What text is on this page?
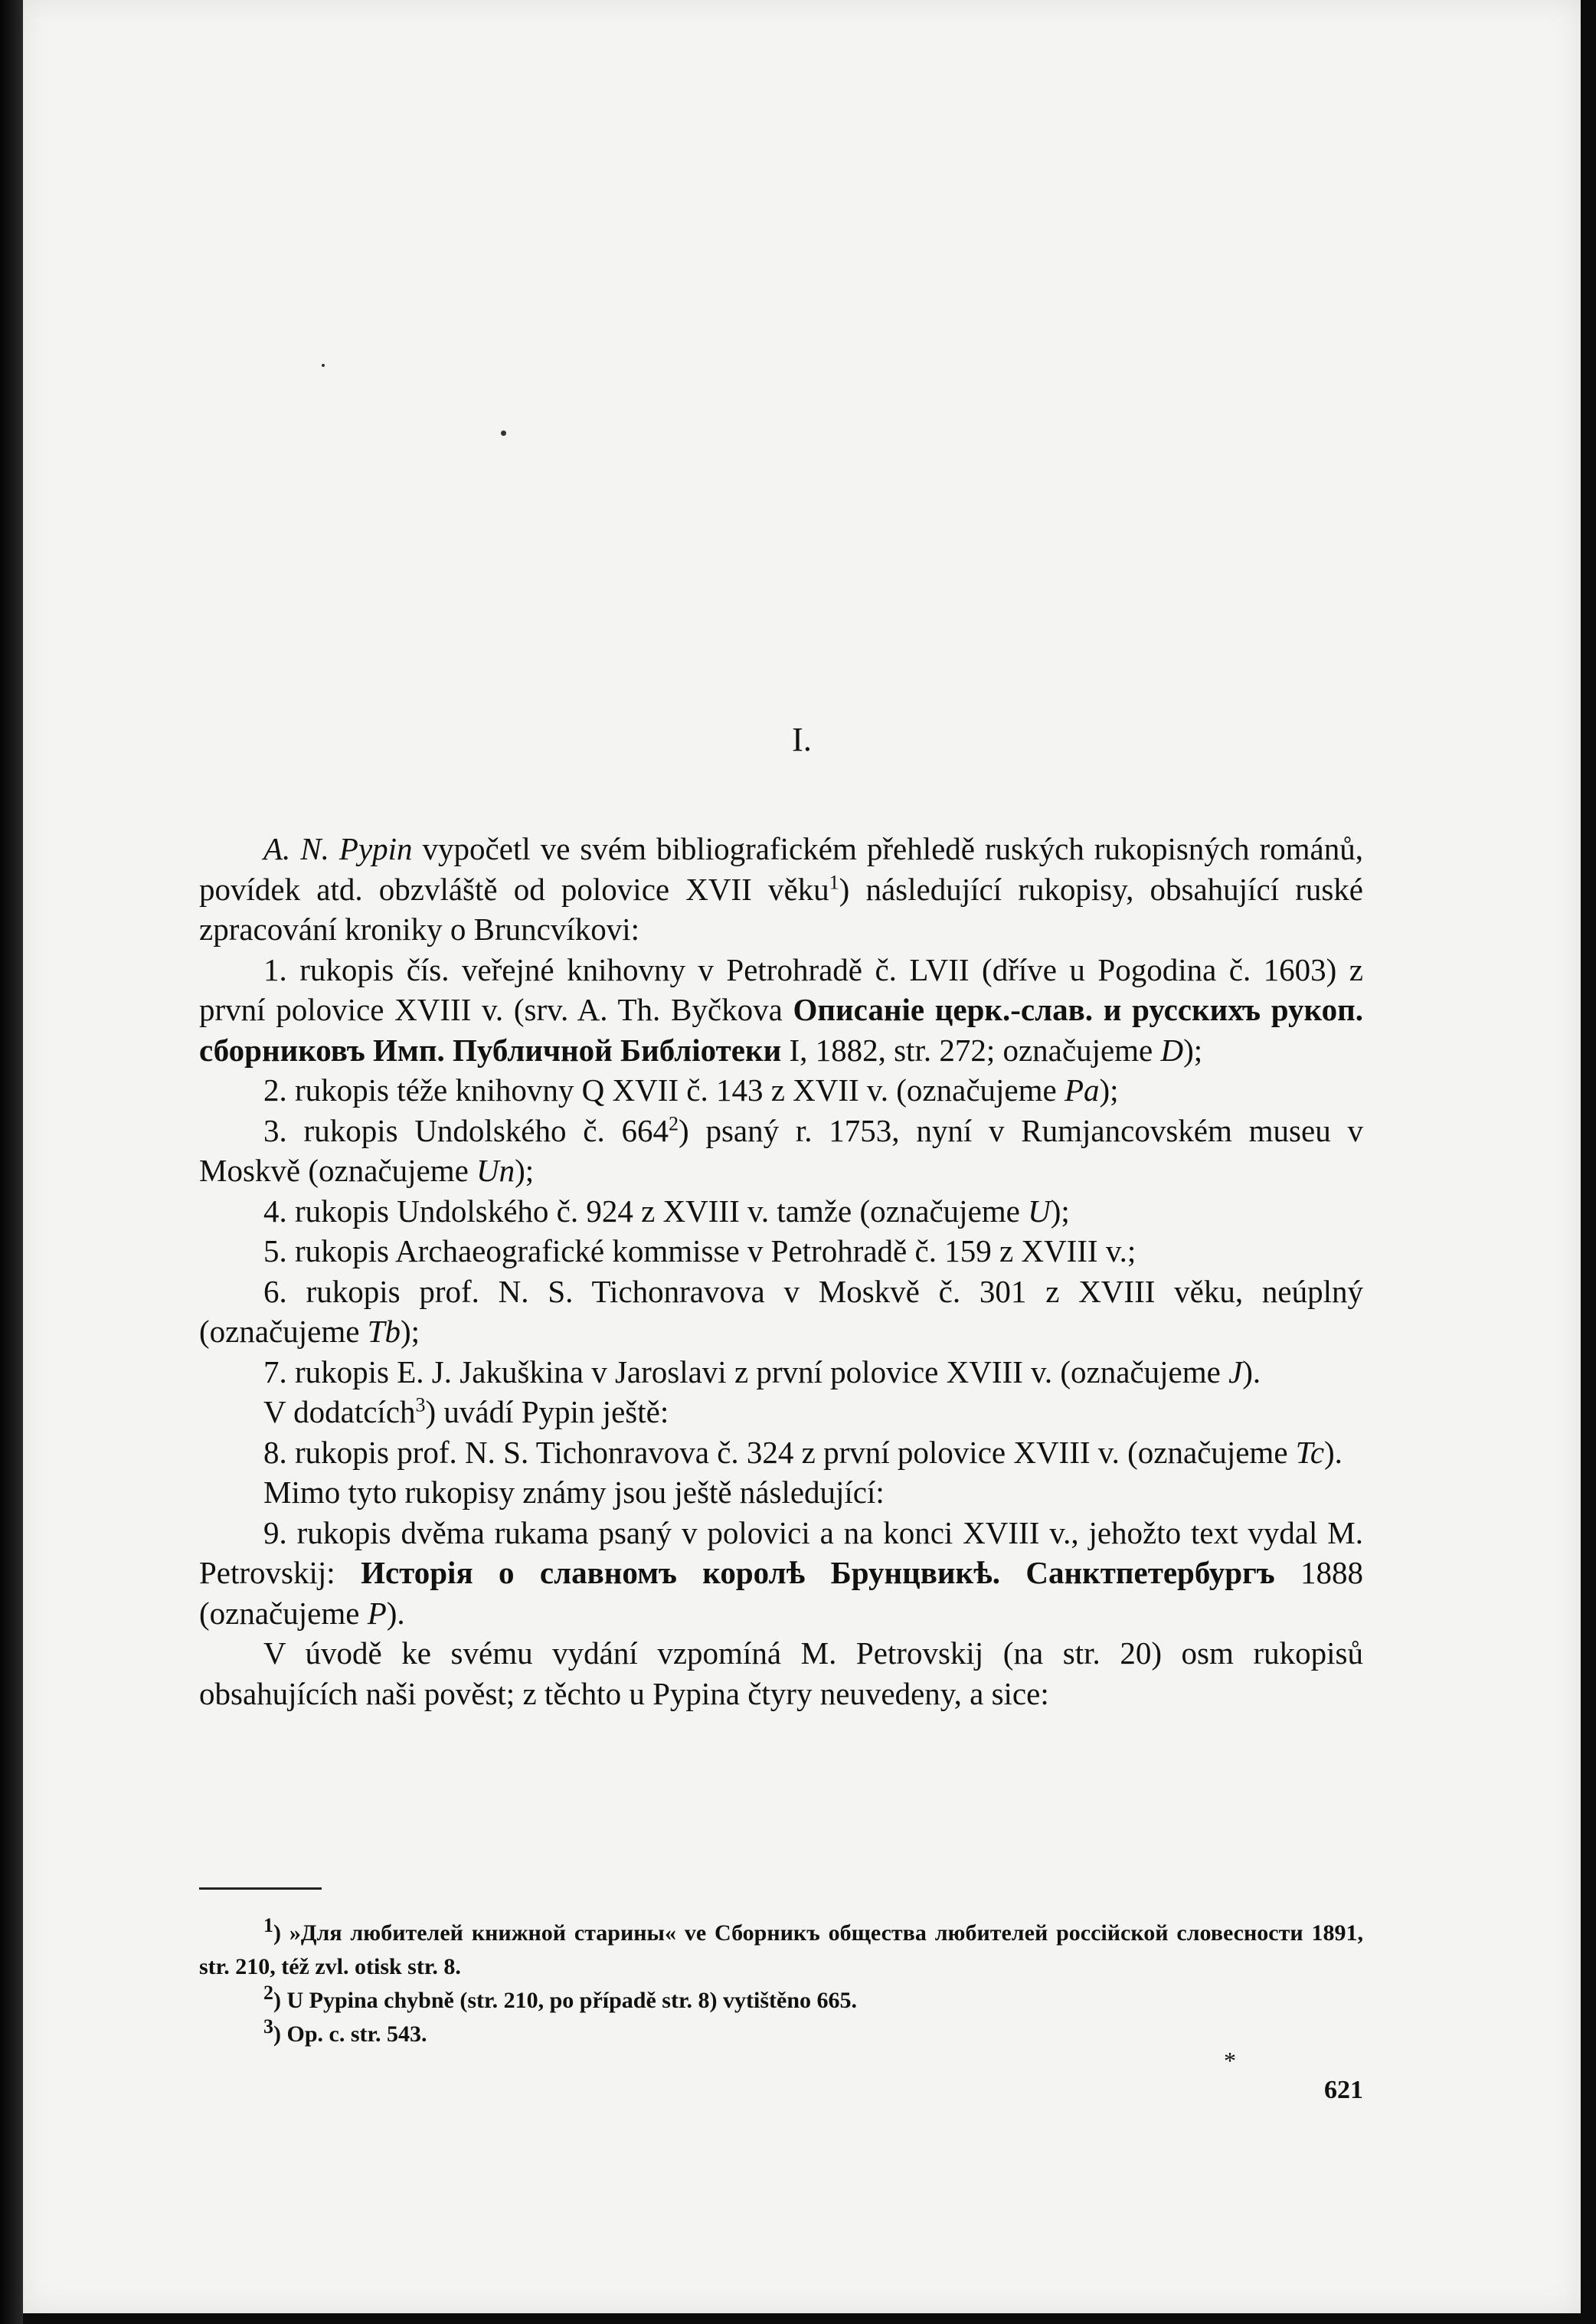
I.

A. N. Pypin vypočetl ve svém bibliografickém přehledě ruských rukopisných románů, povídek atd. obzvláště od polovice XVII věku$^1$) následující rukopisy, obsahující ruské zpracování kroniky o Bruncvíkovi:

1. rukopis čís. veřejné knihovny v Petrohradě č. LVII (dříve u Pogodina č. 1603) z první polovice XVIII v. (srv. A. Th. Byčkova Описаніе церк.-слав. и русскихъ рукоп. сборниковъ Имп. Публичной Библіотеки I, 1882, str. 272; označujeme D);

2. rukopis téže knihovny Q XVII č. 143 z XVII v. (označujeme Pa);

3. rukopis Undolského č. $664^2$) psaný r. 1753, nyní v Rumjancovském museu v Moskvě (označujeme Un);

4. rukopis Undolského č. 924 z XVIII v. tamže (označujeme U);

5. rukopis Archaeografické kommisse v Petrohradě č. 159 z XVIII v.;

6. rukopis prof. N. S. Tichonravova v Moskvě č. 301 z XVIII věku, neúplný (označujeme Tb);

7. rukopis E. J. Jakuškina v Jaroslavi z první polovice XVIII v. (označujeme J).

V dodatcích$^3$) uvádí Pypin ještě:

8. rukopis prof. N. S. Tichonravova č. 324 z první polovice XVIII v. (označujeme Tc).

Mimo tyto rukopisy známy jsou ještě následující:

9. rukopis dvěma rukama psaný v polovici a na konci XVIII v., jehožto text vydal M. Petrovskij: Исторія о славномъ королѣ Брунцвикѣ. Санктпетербургъ 1888 (označujeme P).

V úvodě ke svému vydání vzpomíná M. Petrovskij (na str. 20) osm rukopisů obsahujících naši pověst; z těchto u Pypina čtyry neuvedeny, a sice:

$^1$) »Для любителей книжной старины« ve Сборникъ общества любителей россійской словесности 1891, str. 210, též zvl. otisk str. 8.

$^2$) U Pypina chybně (str. 210, po případě str. 8) vytištěno 665.

$^3$) Op. c. str. 543.

*
621
